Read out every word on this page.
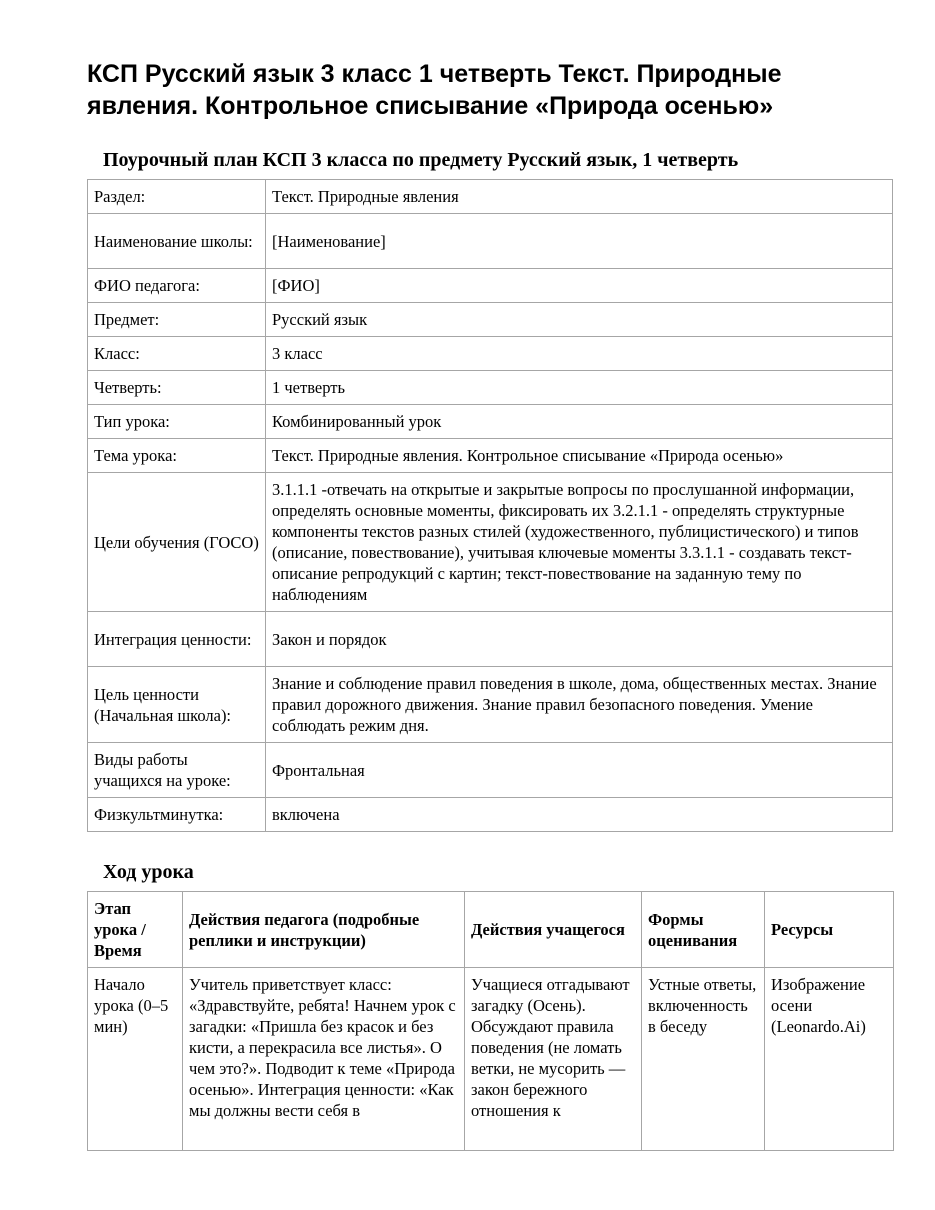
КСП Русский язык 3 класс 1 четверть Текст. Природные явления. Контрольное списывание «Природа осенью»
Поурочный план КСП 3 класса по предмету Русский язык, 1 четверть
Раздел:	Текст. Природные явления
Наименование школы:	[Наименование]
ФИО педагога:	[ФИО]
Предмет:	Русский язык
Класс:	3 класс
Четверть:	1 четверть
Тип урока:	Комбинированный урок
Тема урока:	Текст. Природные явления. Контрольное списывание «Природа осенью»
Цели обучения (ГОСО)	3.1.1.1 -отвечать на открытые и закрытые вопросы по прослушанной информации, определять основные моменты, фиксировать их 3.2.1.1 - определять структурные компоненты текстов разных стилей (художественного, публицистического) и типов (описание, повествование), учитывая ключевые моменты 3.3.1.1 - создавать текст-описание репродукций с картин; текст-повествование на заданную тему по наблюдениям
Интеграция ценности:	Закон и порядок
Цель ценности (Начальная школа):	Знание и соблюдение правил поведения в школе, дома, общественных местах. Знание правил дорожного движения. Знание правил безопасного поведения. Умение соблюдать режим дня.
Виды работы учащихся на уроке:	Фронтальная
Физкультминутка:	включена
Ход урока
Этап урока / Время	Действия педагога (подробные реплики и инструкции)	Действия учащегося	Формы оценивания	Ресурсы
Начало урока (0–5 мин)	Учитель приветствует класс: «Здравствуйте, ребята! Начнем урок с загадки: «Пришла без красок и без кисти, а перекрасила все листья». О чем это?». Подводит к теме «Природа осенью». Интеграция ценности: «Как мы должны вести себя в	Учащиеся отгадывают загадку (Осень). Обсуждают правила поведения (не ломать ветки, не мусорить — закон бережного отношения к	Устные ответы, включенность в беседу	Изображение осени (Leonardo.Ai)
